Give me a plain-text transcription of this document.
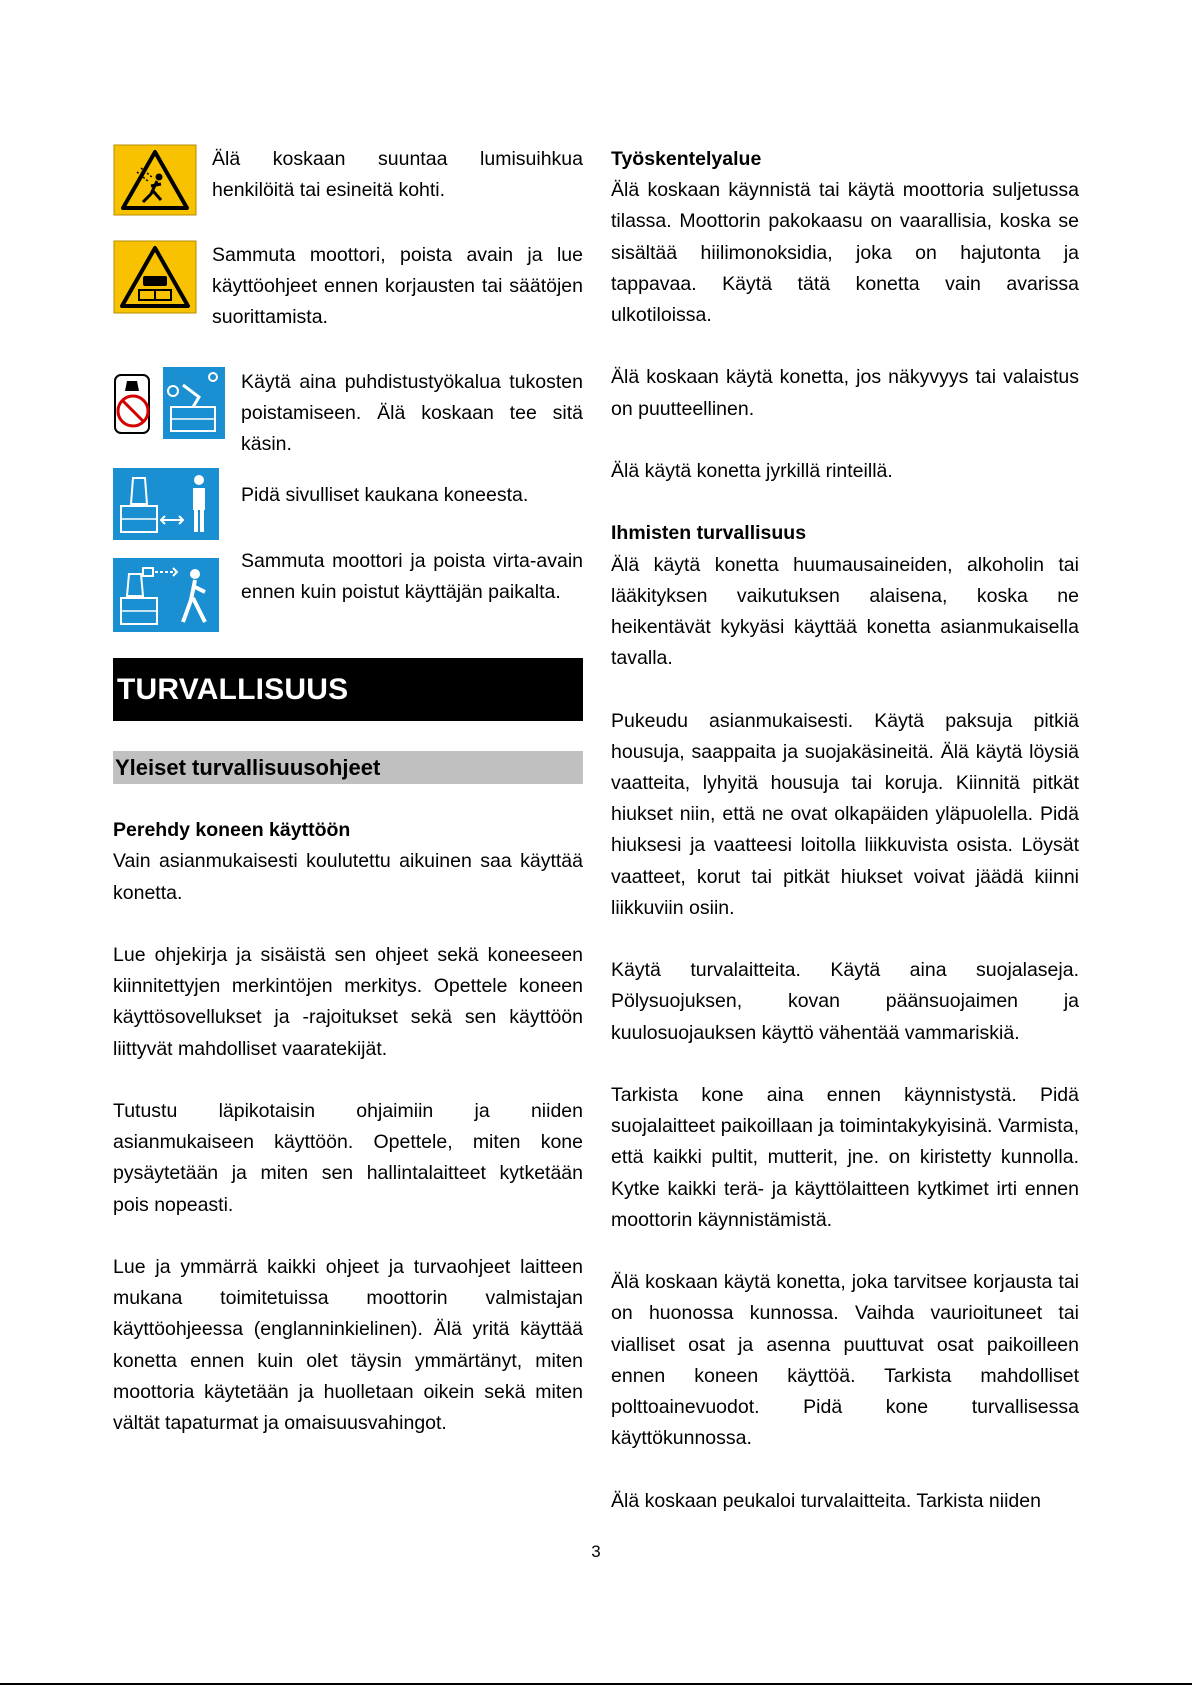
Älä koskaan suuntaa lumisuihkua henkilöitä tai esineitä kohti.

Sammuta moottori, poista avain ja lue käyttöohjeet ennen korjausten tai säätöjen suorittamista.

Käytä aina puhdistustyökalua tukosten poistamiseen. Älä koskaan tee sitä käsin.

Pidä sivulliset kaukana koneesta.

Sammuta moottori ja poista virta-avain ennen kuin poistut käyttäjän paikalta.

TURVALLISUUS
Yleiset turvallisuusohjeet

Perehdy koneen käyttöön

Vain asianmukaisesti koulutettu aikuinen saa käyttää konetta.

Lue ohjekirja ja sisäistä sen ohjeet sekä koneeseen kiinnitettyjen merkintöjen merkitys. Opettele koneen käyttösovellukset ja -rajoitukset sekä sen käyttöön liittyvät mahdolliset vaaratekijät.

Tutustu läpikotaisin ohjaimiin ja niiden asianmukaiseen käyttöön. Opettele, miten kone pysäytetään ja miten sen hallintalaitteet kytketään pois nopeasti.

Lue ja ymmärrä kaikki ohjeet ja turvaohjeet laitteen mukana toimitetuissa moottorin valmistajan käyttöohjeessa (englanninkielinen). Älä yritä käyttää konetta ennen kuin olet täysin ymmärtänyt, miten moottoria käytetään ja huolletaan oikein sekä miten vältät tapaturmat ja omaisuusvahingot.

Työskentelyalue

Älä koskaan käynnistä tai käytä moottoria suljetussa tilassa. Moottorin pakokaasu on vaarallisia, koska se sisältää hiilimonoksidia, joka on hajutonta ja tappavaa. Käytä tätä konetta vain avarissa ulkotiloissa.

Älä koskaan käytä konetta, jos näkyvyys tai valaistus on puutteellinen.

Älä käytä konetta jyrkillä rinteillä.

Ihmisten turvallisuus

Älä käytä konetta huumausaineiden, alkoholin tai lääkityksen vaikutuksen alaisena, koska ne heikentävät kykyäsi käyttää konetta asianmukaisella tavalla.

Pukeudu asianmukaisesti. Käytä paksuja pitkiä housuja, saappaita ja suojakäsineitä. Älä käytä löysiä vaatteita, lyhyitä housuja tai koruja. Kiinnitä pitkät hiukset niin, että ne ovat olkapäiden yläpuolella. Pidä hiuksesi ja vaatteesi loitolla liikkuvista osista. Löysät vaatteet, korut tai pitkät hiukset voivat jäädä kiinni liikkuviin osiin.

Käytä turvalaitteita. Käytä aina suojalaseja. Pölysuojuksen, kovan päänsuojaimen ja kuulosuojauksen käyttö vähentää vammariskiä.

Tarkista kone aina ennen käynnistystä. Pidä suojalaitteet paikoillaan ja toimintakykyisinä. Varmista, että kaikki pultit, mutterit, jne. on kiristetty kunnolla. Kytke kaikki terä- ja käyttölaitteen kytkimet irti ennen moottorin käynnistämistä.

Älä koskaan käytä konetta, joka tarvitsee korjausta tai on huonossa kunnossa. Vaihda vaurioituneet tai vialliset osat ja asenna puuttuvat osat paikoilleen ennen koneen käyttöä. Tarkista mahdolliset polttoainevuodot. Pidä kone turvallisessa käyttökunnossa.

Älä koskaan peukaloi turvalaitteita. Tarkista niiden

3
